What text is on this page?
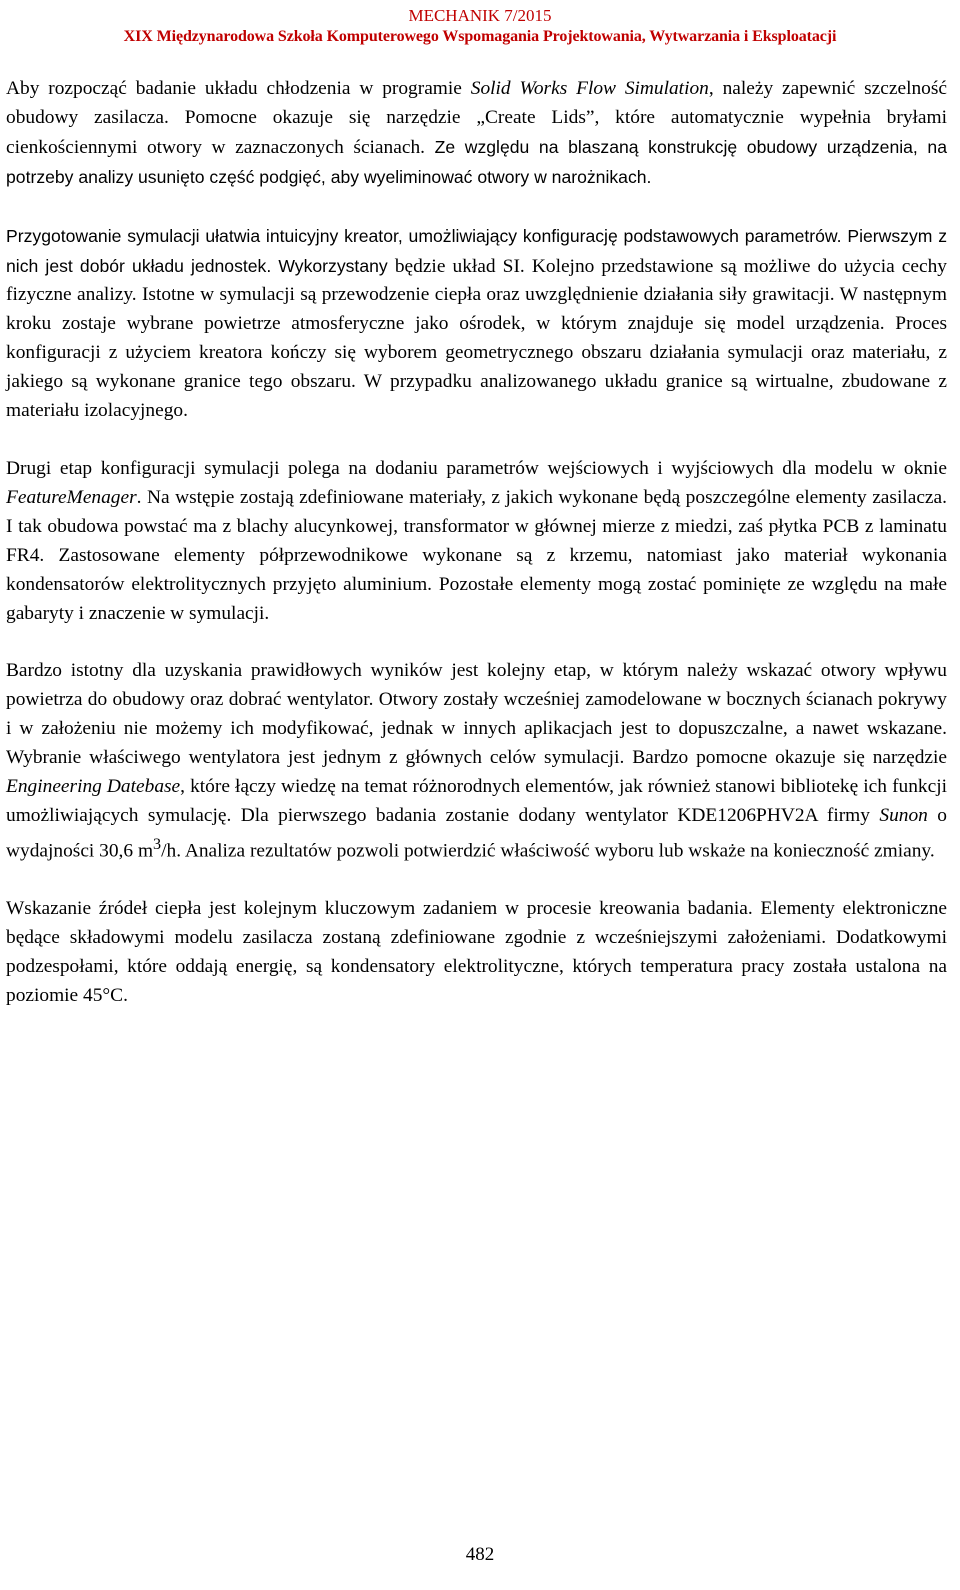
MECHANIK 7/2015
XIX Międzynarodowa Szkoła Komputerowego Wspomagania Projektowania, Wytwarzania i Eksploatacji

Aby rozpocząć badanie układu chłodzenia w programie Solid Works Flow Simulation, należy zapewnić szczelność obudowy zasilacza. Pomocne okazuje się narzędzie „Create Lids”, które automatycznie wypełnia bryłami cienkościennymi otwory w zaznaczonych ścianach. Ze względu na blaszaną konstrukcję obudowy urządzenia, na potrzeby analizy usunięto część podgięć, aby wyeliminować otwory w narożnikach.

Przygotowanie symulacji ułatwia intuicyjny kreator, umożliwiający konfigurację podstawowych parametrów. Pierwszym z nich jest dobór układu jednostek. Wykorzystany będzie układ SI. Kolejno przedstawione są możliwe do użycia cechy fizyczne analizy. Istotne w symulacji są przewodzenie ciepła oraz uwzględnienie działania siły grawitacji. W następnym kroku zostaje wybrane powietrze atmosferyczne jako ośrodek, w którym znajduje się model urządzenia. Proces konfiguracji z użyciem kreatora kończy się wyborem geometrycznego obszaru działania symulacji oraz materiału, z jakiego są wykonane granice tego obszaru. W przypadku analizowanego układu granice są wirtualne, zbudowane z materiału izolacyjnego.

Drugi etap konfiguracji symulacji polega na dodaniu parametrów wejściowych i wyjściowych dla modelu w oknie FeatureMenager. Na wstępie zostają zdefiniowane materiały, z jakich wykonane będą poszczególne elementy zasilacza. I tak obudowa powstać ma z blachy alucynkowej, transformator w głównej mierze z miedzi, zaś płytka PCB z laminatu FR4. Zastosowane elementy półprzewodnikowe wykonane są z krzemu, natomiast jako materiał wykonania kondensatorów elektrolitycznych przyjęto aluminium. Pozostałe elementy mogą zostać pominięte ze względu na małe gabaryty i znaczenie w symulacji.

Bardzo istotny dla uzyskania prawidłowych wyników jest kolejny etap, w którym należy wskazać otwory wpływu powietrza do obudowy oraz dobrać wentylator. Otwory zostały wcześniej zamodelowane w bocznych ścianach pokrywy i w założeniu nie możemy ich modyfikować, jednak w innych aplikacjach jest to dopuszczalne, a nawet wskazane. Wybranie właściwego wentylatora jest jednym z głównych celów symulacji. Bardzo pomocne okazuje się narzędzie Engineering Datebase, które łączy wiedzę na temat różnorodnych elementów, jak również stanowi bibliotekę ich funkcji umożliwiających symulację. Dla pierwszego badania zostanie dodany wentylator KDE1206PHV2A firmy Sunon o wydajności 30,6 $m^3/h$. Analiza rezultatów pozwoli potwierdzić właściwość wyboru lub wskaże na konieczność zmiany.

Wskazanie źródeł ciepła jest kolejnym kluczowym zadaniem w procesie kreowania badania. Elementy elektroniczne będące składowymi modelu zasilacza zostaną zdefiniowane zgodnie z wcześniejszymi założeniami. Dodatkowymi podzespołami, które oddają energię, są kondensatory elektrolityczne, których temperatura pracy została ustalona na poziomie 45°C.

482
